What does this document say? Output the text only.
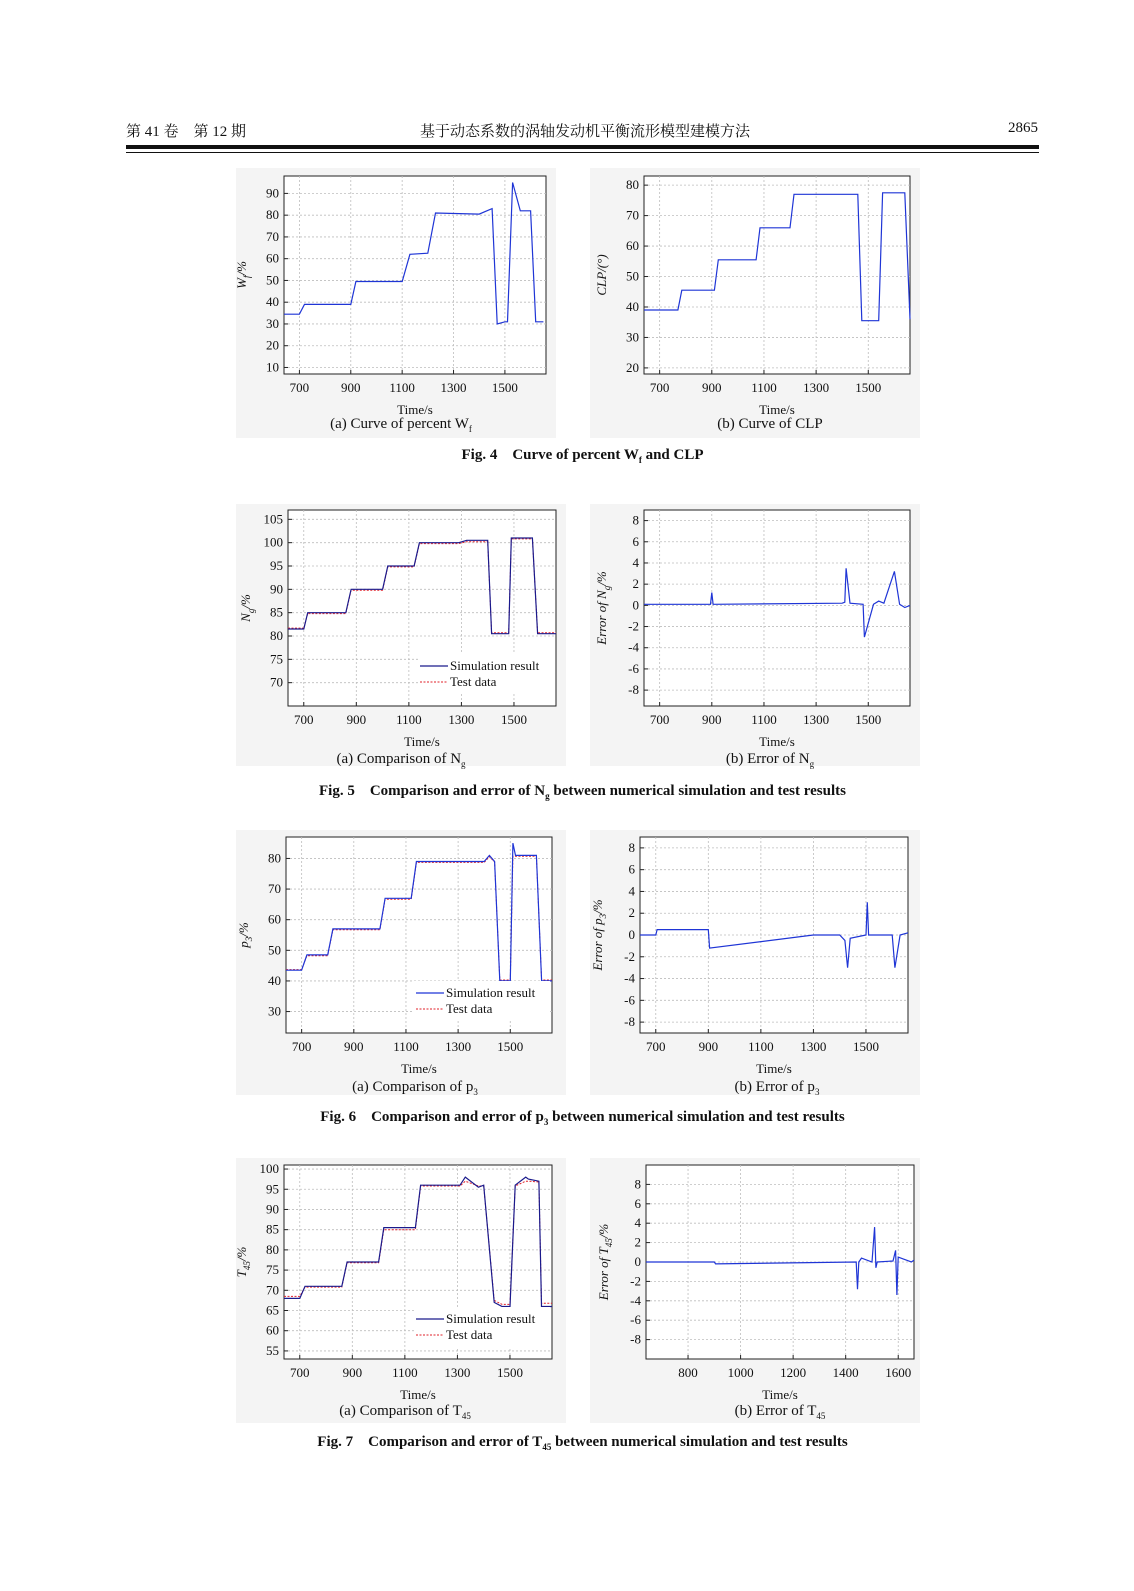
第 41 卷　第 12 期	基于动态系数的涡轴发动机平衡流形模型建模方法	2865
700 900 1100 1300 1500
10
20
30
40
50
60
70
80
90
Time/s
$W_f/\%$
700	900 1100 1300 1500
20
30
40
50
60
70
80
Time/s
CLP/(°)
(a) Curve of percent $W_f$	(b) Curve of CLP
Fig. 4　Curve of percent $W_f$ and CLP
700	900 1100 1300 1500
70
75
80
85
90
95
100
105
Time/s
$N_g/\%$
Simulation result
Test data
700	900 1100 1300 1500
-8
-6
-4
-2
0
2
4
6
8
Time/s
Error of $N_g/\%$
(a) Comparison of $N_g$	(b) Error of $N_g$
Fig. 5　Comparison and error of $N_g$ between numerical simulation and test results
700	900 1100 1300 1500
30
40
50
60
70
80
Time/s
$p_3/\%$
Simulation result
Test data
700	900 1100 1300 1500
-8
-6
-4
-2
0
2
4
6
8
Time/s
Error of $p_3/\%$
(a) Comparison of $p_3$	(b) Error of $p_3$
Fig. 6　Comparison and error of $p_3$ between numerical simulation and test results
700	900 1100 1300 1500
55
60
65
70
75
80
85
90
95
100
Time/s
$T_{45}/\%$
Simulation result
Test data
800 1000 1200 1400 1600
-8
-6
-4
-2
0
2
4
6
8
Time/s
Error of $T_{45}/\%$
(a) Comparison of $T_{45}$	(b) Error of $T_{45}$
Fig. 7　Comparison and error of $T_{45}$ between numerical simulation and test results
